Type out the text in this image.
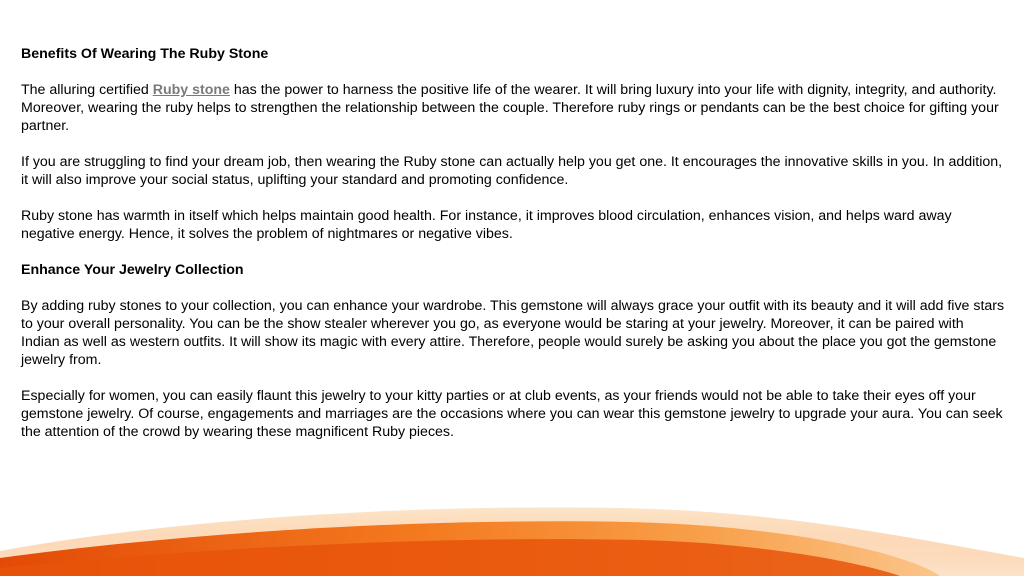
Benefits Of Wearing The Ruby Stone
The alluring certified Ruby stone has the power to harness the positive life of the wearer. It will bring luxury into your life with dignity, integrity, and authority. Moreover, wearing the ruby helps to strengthen the relationship between the couple. Therefore ruby rings or pendants can be the best choice for gifting your partner.
If you are struggling to find your dream job, then wearing the Ruby stone can actually help you get one. It encourages the innovative skills in you. In addition, it will also improve your social status, uplifting your standard and promoting confidence.
Ruby stone has warmth in itself which helps maintain good health. For instance, it improves blood circulation, enhances vision, and helps ward away negative energy. Hence, it solves the problem of nightmares or negative vibes.
Enhance Your Jewelry Collection
By adding ruby stones to your collection, you can enhance your wardrobe. This gemstone will always grace your outfit with its beauty and it will add five stars to your overall personality. You can be the show stealer wherever you go, as everyone would be staring at your jewelry. Moreover, it can be paired with Indian as well as western outfits. It will show its magic with every attire. Therefore, people would surely be asking you about the place you got the gemstone jewelry from.
Especially for women, you can easily flaunt this jewelry to your kitty parties or at club events, as your friends would not be able to take their eyes off your gemstone jewelry. Of course, engagements and marriages are the occasions where you can wear this gemstone jewelry to upgrade your aura. You can seek the attention of the crowd by wearing these magnificent Ruby pieces.
